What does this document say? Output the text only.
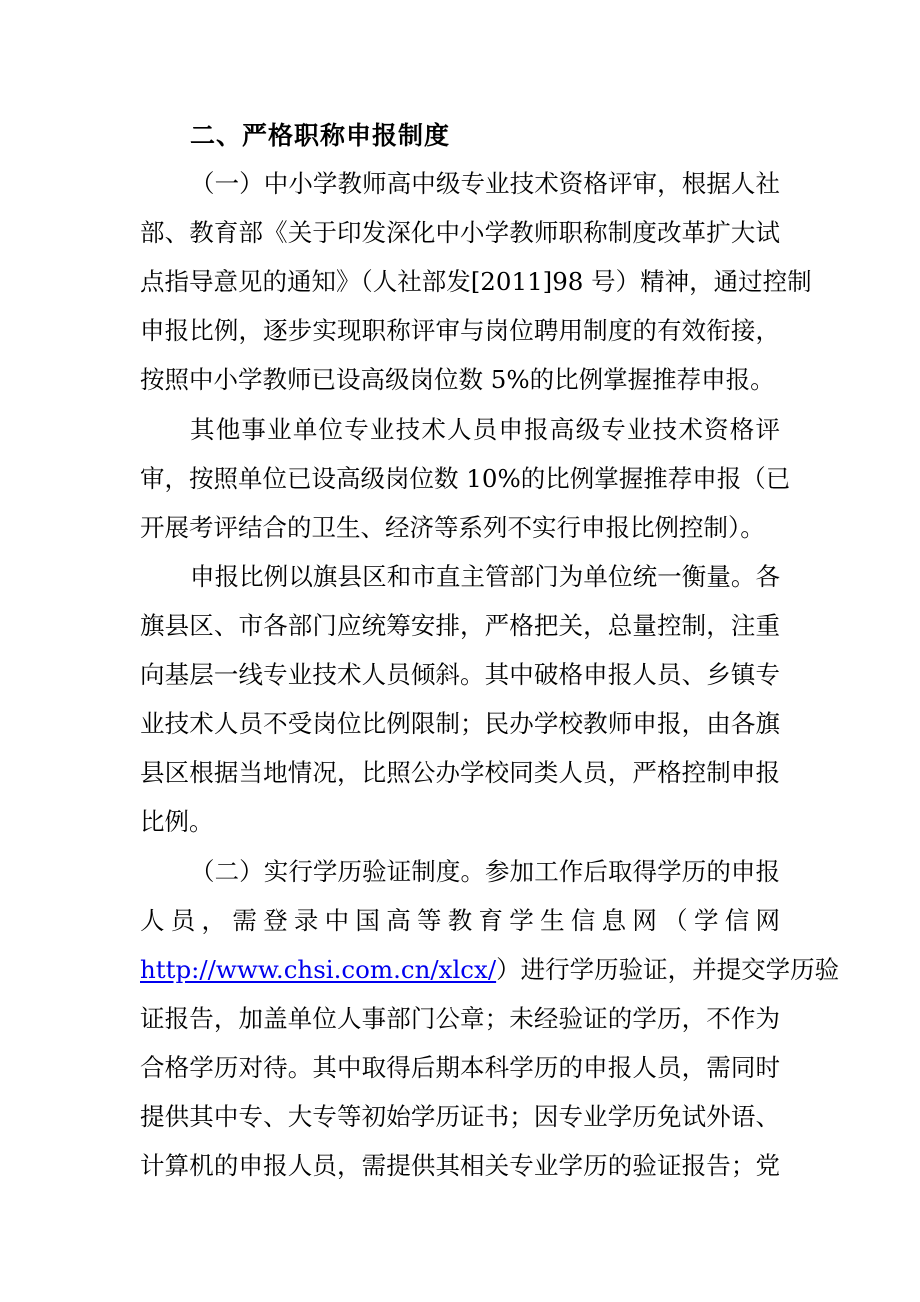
二、严格职称申报制度
（一）中小学教师高中级专业技术资格评审，根据人社
部、教育部《关于印发深化中小学教师职称制度改革扩大试
点指导意见的通知》（人社部发[2011]98 号）精神，通过控制
申报比例，逐步实现职称评审与岗位聘用制度的有效衔接，
按照中小学教师已设高级岗位数 5%的比例掌握推荐申报。
其他事业单位专业技术人员申报高级专业技术资格评
审，按照单位已设高级岗位数 10%的比例掌握推荐申报（已
开展考评结合的卫生、经济等系列不实行申报比例控制）。
申报比例以旗县区和市直主管部门为单位统一衡量。各
旗县区、市各部门应统筹安排，严格把关，总量控制，注重
向基层一线专业技术人员倾斜。其中破格申报人员、乡镇专
业技术人员不受岗位比例限制；民办学校教师申报，由各旗
县区根据当地情况，比照公办学校同类人员，严格控制申报
比例。
（二）实行学历验证制度。参加工作后取得学历的申报
人员，需登录中国高等教育学生信息网（学信网
http://www.chsi.com.cn/xlcx/）进行学历验证，并提交学历验
证报告，加盖单位人事部门公章；未经验证的学历，不作为
合格学历对待。其中取得后期本科学历的申报人员，需同时
提供其中专、大专等初始学历证书；因专业学历免试外语、
计算机的申报人员，需提供其相关专业学历的验证报告；党
